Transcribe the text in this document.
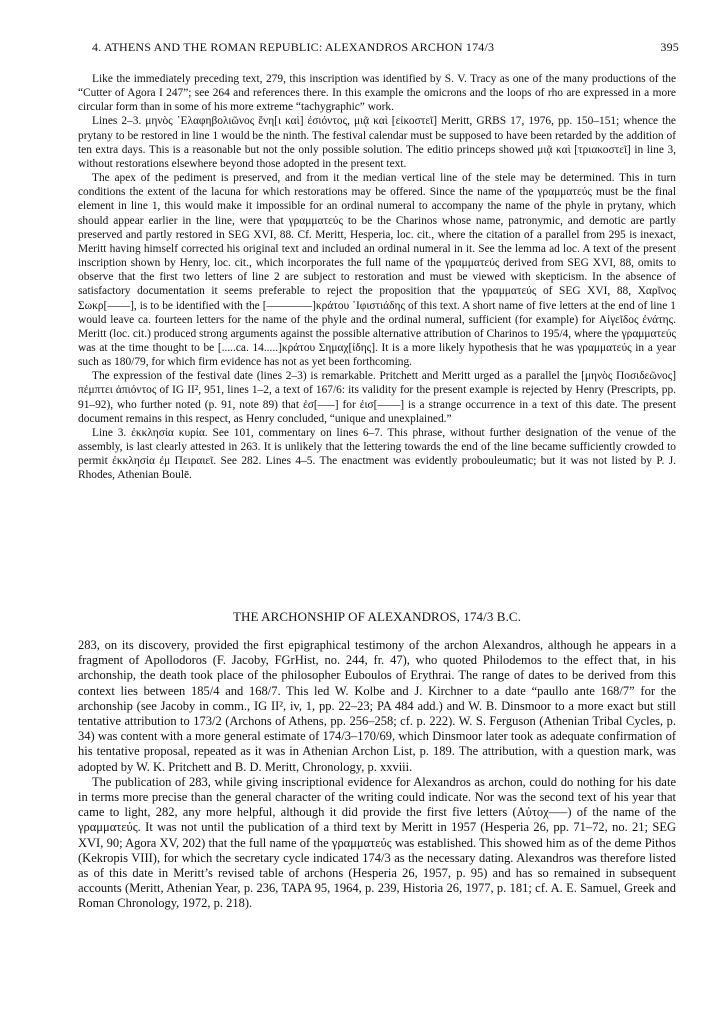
4. ATHENS AND THE ROMAN REPUBLIC: ALEXANDROS ARCHON 174/3	395

Like the immediately preceding text, 279, this inscription was identified by S. V. Tracy as one of the many productions of the “Cutter of Agora I 247”; see 264 and references there. In this example the omicrons and the loops of rho are expressed in a more circular form than in some of his more extreme “tachygraphic” work.

Lines 2–3. μηνὸς ᾿Ελαφηβολιῶνος ἕνη[ι καὶ] ἐσιόντος, μιᾷ καὶ [εἰκοστεῖ] Meritt, GRBS 17, 1976, pp. 150–151; whence the prytany to be restored in line 1 would be the ninth. The festival calendar must be supposed to have been retarded by the addition of ten extra days. This is a reasonable but not the only possible solution. The editio princeps showed μιᾷ καὶ [τριακοστεῖ] in line 3, without restorations elsewhere beyond those adopted in the present text.

The apex of the pediment is preserved, and from it the median vertical line of the stele may be determined. This in turn conditions the extent of the lacuna for which restorations may be offered. Since the name of the γραμματεύς must be the final element in line 1, this would make it impossible for an ordinal numeral to accompany the name of the phyle in prytany, which should appear earlier in the line, were that γραμματεύς to be the Charinos whose name, patronymic, and demotic are partly preserved and partly restored in SEG XVI, 88. Cf. Meritt, Hesperia, loc. cit., where the citation of a parallel from 295 is inexact, Meritt having himself corrected his original text and included an ordinal numeral in it. See the lemma ad loc. A text of the present inscription shown by Henry, loc. cit., which incorporates the full name of the γραμματεύς derived from SEG XVI, 88, omits to observe that the first two letters of line 2 are subject to restoration and must be viewed with skepticism. In the absence of satisfactory documentation it seems preferable to reject the proposition that the γραμματεύς of SEG XVI, 88, Χαρῖνος Σωκρ[––––], is to be identified with the [––––––––]κράτου ᾿Ιφιστιάδης of this text. A short name of five letters at the end of line 1 would leave ca. fourteen letters for the name of the phyle and the ordinal numeral, sufficient (for example) for Αἰγεῖδος ἐνάτης. Meritt (loc. cit.) produced strong arguments against the possible alternative attribution of Charinos to 195/4, where the γραμματεύς was at the time thought to be [.....ca. 14.....]κράτου Σημαχ[ίδης]. It is a more likely hypothesis that he was γραμματεύς in a year such as 180/79, for which firm evidence has not as yet been forthcoming.

The expression of the festival date (lines 2–3) is remarkable. Pritchett and Meritt urged as a parallel the [μηνὸς Ποσιδεῶνος] πέμπτει ἀπιόντος of IG II², 951, lines 1–2, a text of 167/6: its validity for the present example is rejected by Henry (Prescripts, pp. 91–92), who further noted (p. 91, note 89) that ἐσ[–––] for ἐισ[––––] is a strange occurrence in a text of this date. The present document remains in this respect, as Henry concluded, “unique and unexplained.”

Line 3. ἐκκλησία κυρία. See 101, commentary on lines 6–7. This phrase, without further designation of the venue of the assembly, is last clearly attested in 263. It is unlikely that the lettering towards the end of the line became sufficiently crowded to permit ἐκκλησία ἐμ Πειραιεῖ. See 282. Lines 4–5. The enactment was evidently probouleumatic; but it was not listed by P. J. Rhodes, Athenian Boulē.

THE ARCHONSHIP OF ALEXANDROS, 174/3 B.C.

283, on its discovery, provided the first epigraphical testimony of the archon Alexandros, although he appears in a fragment of Apollodoros (F. Jacoby, FGrHist, no. 244, fr. 47), who quoted Philodemos to the effect that, in his archonship, the death took place of the philosopher Euboulos of Erythrai. The range of dates to be derived from this context lies between 185/4 and 168/7. This led W. Kolbe and J. Kirchner to a date “paullo ante 168/7” for the archonship (see Jacoby in comm., IG II², iv, 1, pp. 22–23; PA 484 add.) and W. B. Dinsmoor to a more exact but still tentative attribution to 173/2 (Archons of Athens, pp. 256–258; cf. p. 222). W. S. Ferguson (Athenian Tribal Cycles, p. 34) was content with a more general estimate of 174/3–170/69, which Dinsmoor later took as adequate confirmation of his tentative proposal, repeated as it was in Athenian Archon List, p. 189. The attribution, with a question mark, was adopted by W. K. Pritchett and B. D. Meritt, Chronology, p. xxviii.

The publication of 283, while giving inscriptional evidence for Alexandros as archon, could do nothing for his date in terms more precise than the general character of the writing could indicate. Nor was the second text of his year that came to light, 282, any more helpful, although it did provide the first five letters (Αὐτοχ–––) of the name of the γραμματεύς. It was not until the publication of a third text by Meritt in 1957 (Hesperia 26, pp. 71–72, no. 21; SEG XVI, 90; Agora XV, 202) that the full name of the γραμματεύς was established. This showed him as of the deme Pithos (Kekropis VIII), for which the secretary cycle indicated 174/3 as the necessary dating. Alexandros was therefore listed as of this date in Meritt’s revised table of archons (Hesperia 26, 1957, p. 95) and has so remained in subsequent accounts (Meritt, Athenian Year, p. 236, TAPA 95, 1964, p. 239, Historia 26, 1977, p. 181; cf. A. E. Samuel, Greek and Roman Chronology, 1972, p. 218).
